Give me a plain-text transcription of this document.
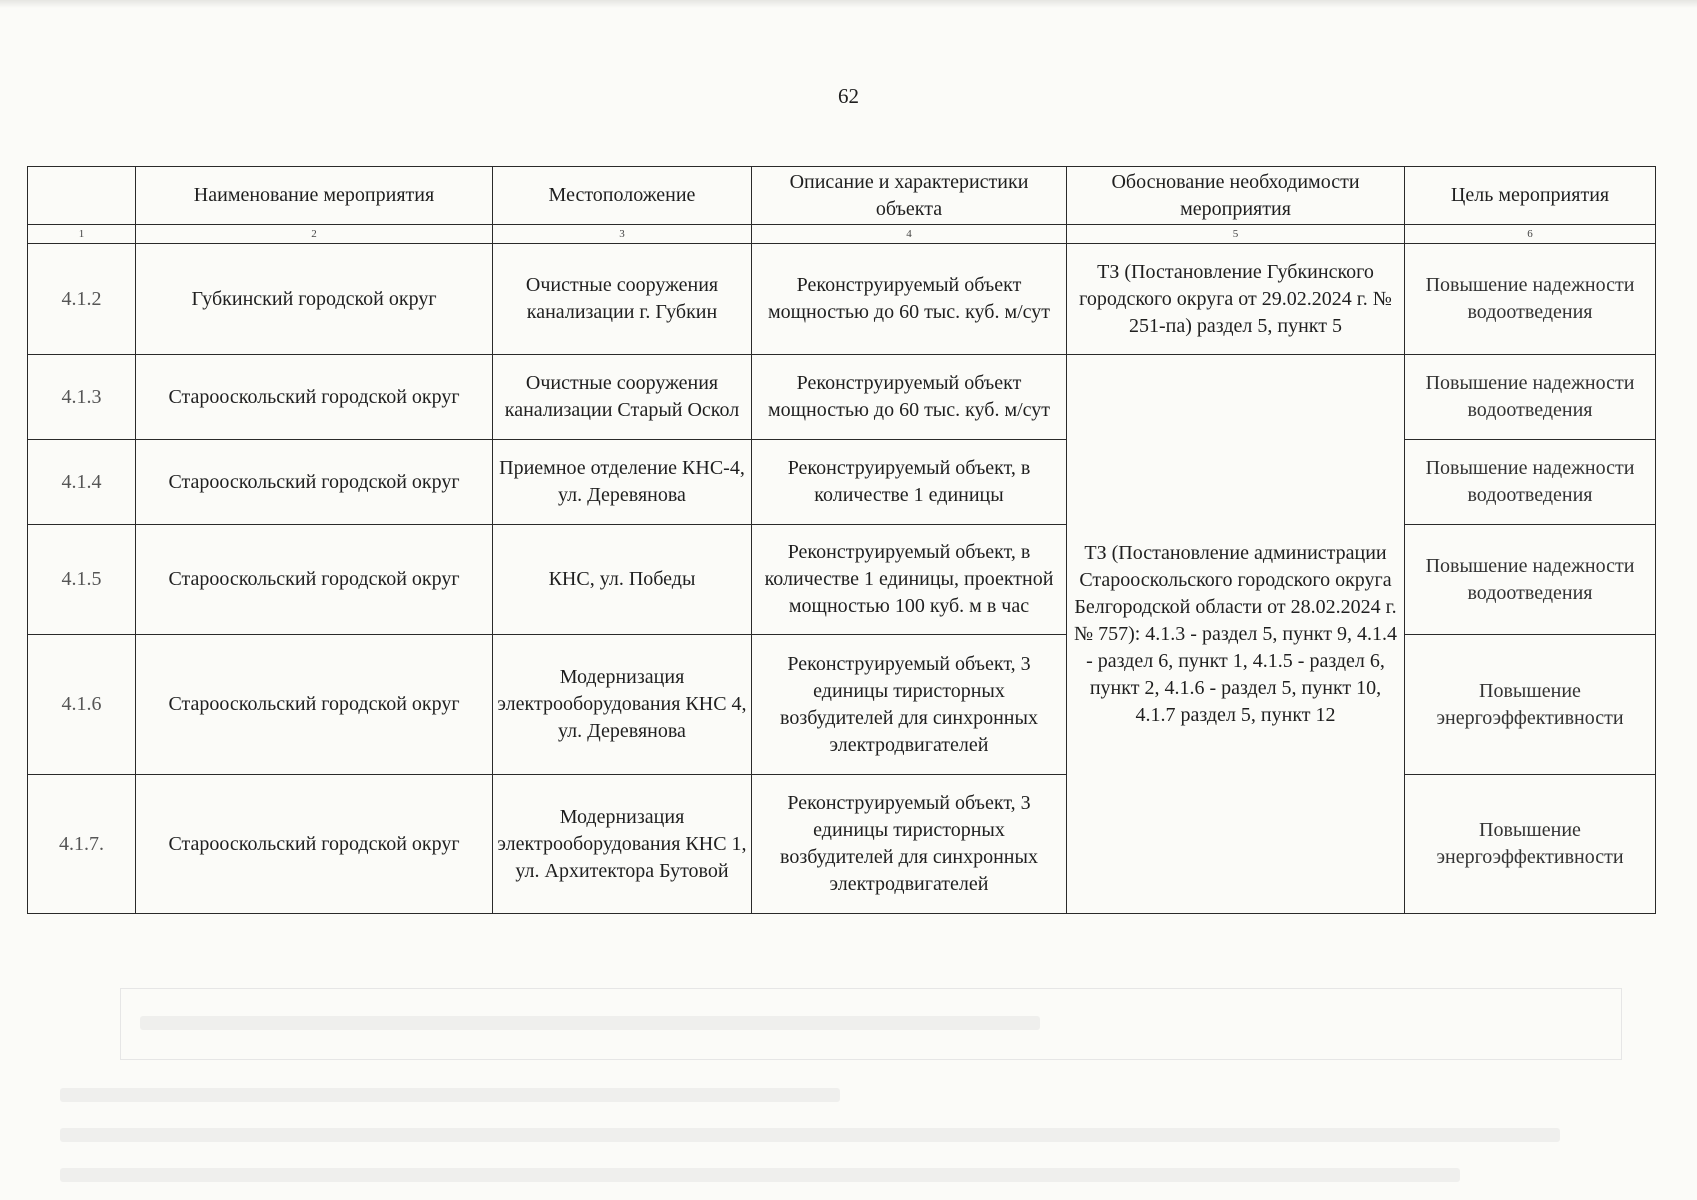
62
	Наименование мероприятия	Местоположение	Описание и характеристики объекта	Обоснование необходимости мероприятия	Цель мероприятия
1	2	3	4	5	6
4.1.2	Губкинский городской округ	Очистные сооружения канализации г. Губкин	Реконструируемый объект мощностью до 60 тыс. куб. м/сут	ТЗ (Постановление Губкинского городского округа от 29.02.2024 г. № 251-па) раздел 5, пункт 5	Повышение надежности водоотведения
4.1.3	Старооскольский городской округ	Очистные сооружения канализации Старый Оскол	Реконструируемый объект мощностью до 60 тыс. куб. м/сут	ТЗ (Постановление администрации Старооскольского городского округа Белгородской области от 28.02.2024 г. № 757): 4.1.3 - раздел 5, пункт 9, 4.1.4 - раздел 6, пункт 1, 4.1.5 - раздел 6, пункт 2, 4.1.6 - раздел 5, пункт 10, 4.1.7 раздел 5, пункт 12	Повышение надежности водоотведения
4.1.4	Старооскольский городской округ	Приемное отделение КНС-4, ул. Деревянова	Реконструируемый объект, в количестве 1 единицы		Повышение надежности водоотведения
4.1.5	Старооскольский городской округ	КНС, ул. Победы	Реконструируемый объект, в количестве 1 единицы, проектной мощностью 100 куб. м в час		Повышение надежности водоотведения
4.1.6	Старооскольский городской округ	Модернизация электрооборудования КНС 4, ул. Деревянова	Реконструируемый объект, 3 единицы тиристорных возбудителей для синхронных электродвигателей		Повышение энергоэффективности
4.1.7.	Старооскольский городской округ	Модернизация электрооборудования КНС 1, ул. Архитектора Бутовой	Реконструируемый объект, 3 единицы тиристорных возбудителей для синхронных электродвигателей		Повышение энергоэффективности
